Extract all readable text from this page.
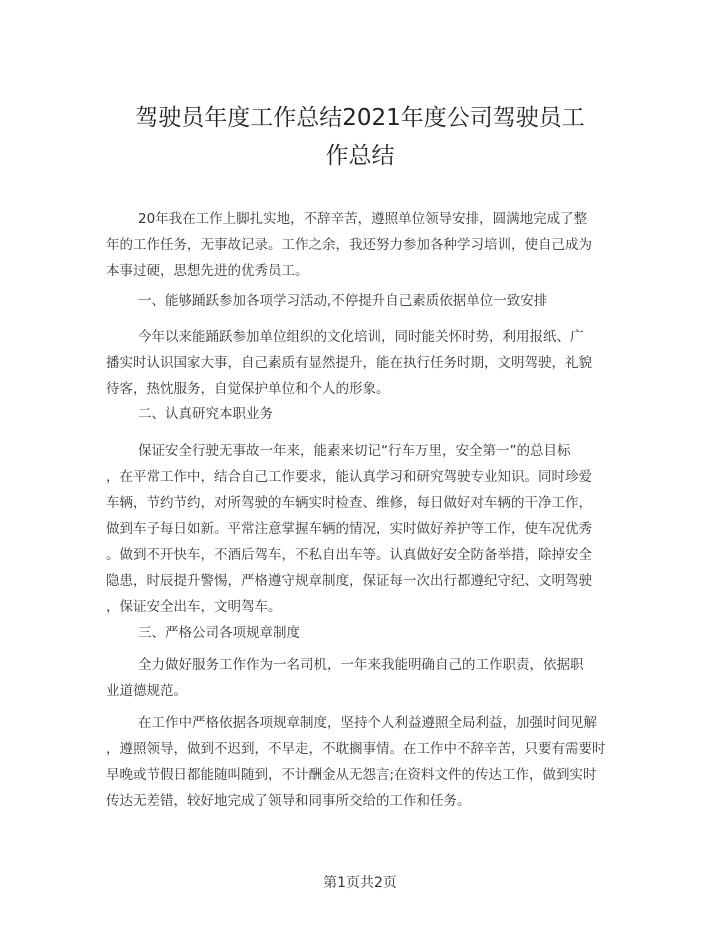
驾驶员年度工作总结2021年度公司驾驶员工
作总结
20年我在工作上脚扎实地，不辞辛苦，遵照单位领导安排，圆满地完成了整
年的工作任务，无事故记录。工作之余，我还努力参加各种学习培训，使自己成为
本事过硬，思想先进的优秀员工。
一、能够踊跃参加各项学习活动,不停提升自己素质依据单位一致安排
今年以来能踊跃参加单位组织的文化培训，同时能关怀时势，利用报纸、广
播实时认识国家大事，自己素质有显然提升，能在执行任务时期，文明驾驶，礼貌
待客，热忱服务，自觉保护单位和个人的形象。
二、认真研究本职业务
保证安全行驶无事故一年来，能素来切记“行车万里，安全第一”的总目标
，在平常工作中，结合自己工作要求，能认真学习和研究驾驶专业知识。同时珍爱
车辆，节约节约，对所驾驶的车辆实时检查、维修，每日做好对车辆的干净工作，
做到车子每日如新。平常注意掌握车辆的情况，实时做好养护等工作，使车况优秀
。做到不开快车，不酒后驾车，不私自出车等。认真做好安全防备举措，除掉安全
隐患，时辰提升警惕，严格遵守规章制度，保证每一次出行都遵纪守纪、文明驾驶
，保证安全出车，文明驾车。
三、严格公司各项规章制度
全力做好服务工作作为一名司机，一年来我能明确自己的工作职责，依据职
业道德规范。
在工作中严格依据各项规章制度，坚持个人利益遵照全局利益，加强时间见解
，遵照领导，做到不迟到，不早走，不耽搁事情。在工作中不辞辛苦，只要有需要时
早晚或节假日都能随叫随到，不计酬金从无怨言;在资料文件的传达工作，做到实时
传达无差错，较好地完成了领导和同事所交给的工作和任务。
第1页共2页
